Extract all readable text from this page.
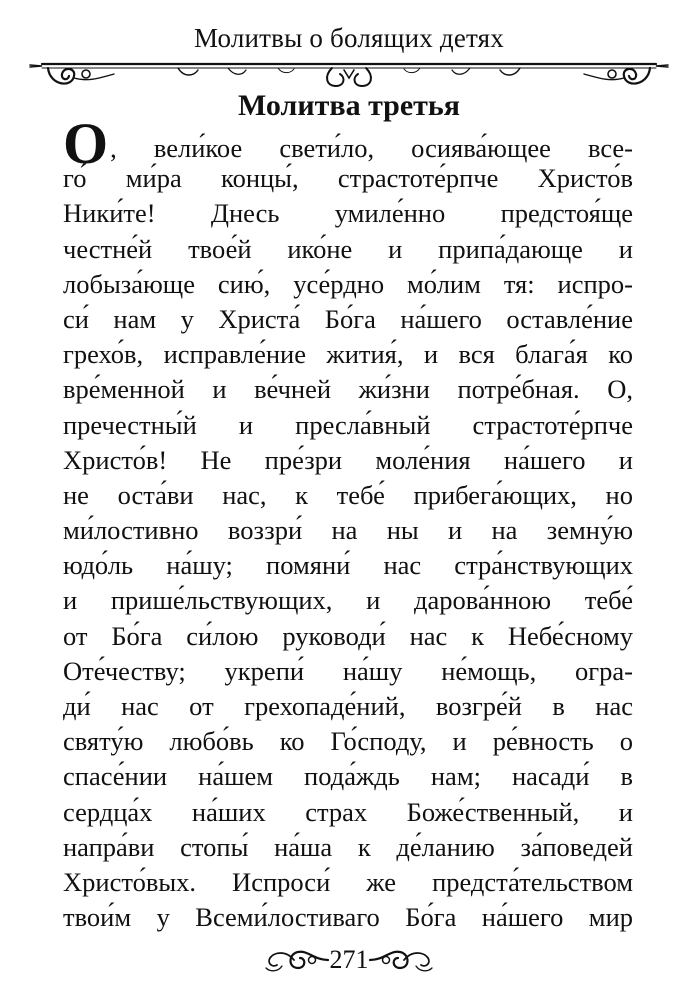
Молитвы о болящих детях
Молитва третья
О, вели́кое свети́ло, осиява́ющее все-
го́ ми́ра концы́, страстоте́рпче Христо́в
Ники́те! Днесь умиле́нно предстоя́ще
честне́й твое́й ико́не и припа́дающе и
лобыза́юще сию́, усе́рдно мо́лим тя: испро-
си́ нам у Христа́ Бо́га на́шего оставле́ние
грехо́в, исправле́ние жития́, и вся блага́я ко
вре́менной и ве́чней жи́зни потре́бная. О,
пречестны́й и пресла́вный страстоте́рпче
Христо́в! Не пре́зри моле́ния на́шего и
не оста́ви нас, к тебе́ прибега́ющих, но
ми́лостивно воззри́ на ны и на земну́ю
юдо́ль на́шу; помяни́ нас стра́нствующих
и прише́льствующих, и дарова́нною тебе́
от Бо́га си́лою руководи́ нас к Небе́сному
Оте́честву; укрепи́ на́шу не́мощь, огра-
ди́ нас от грехопаде́ний, возгре́й в нас
святу́ю любо́вь ко Го́споду, и ре́вность о
спасе́нии на́шем пода́ждь нам; насади́ в
сердца́х на́ших страх Боже́ственный, и
напра́ви стопы́ на́ша к де́ланию за́поведей
Христо́вых. Испроси́ же предста́тельством
твои́м у Всеми́лостиваго Бо́га на́шего мир
271
